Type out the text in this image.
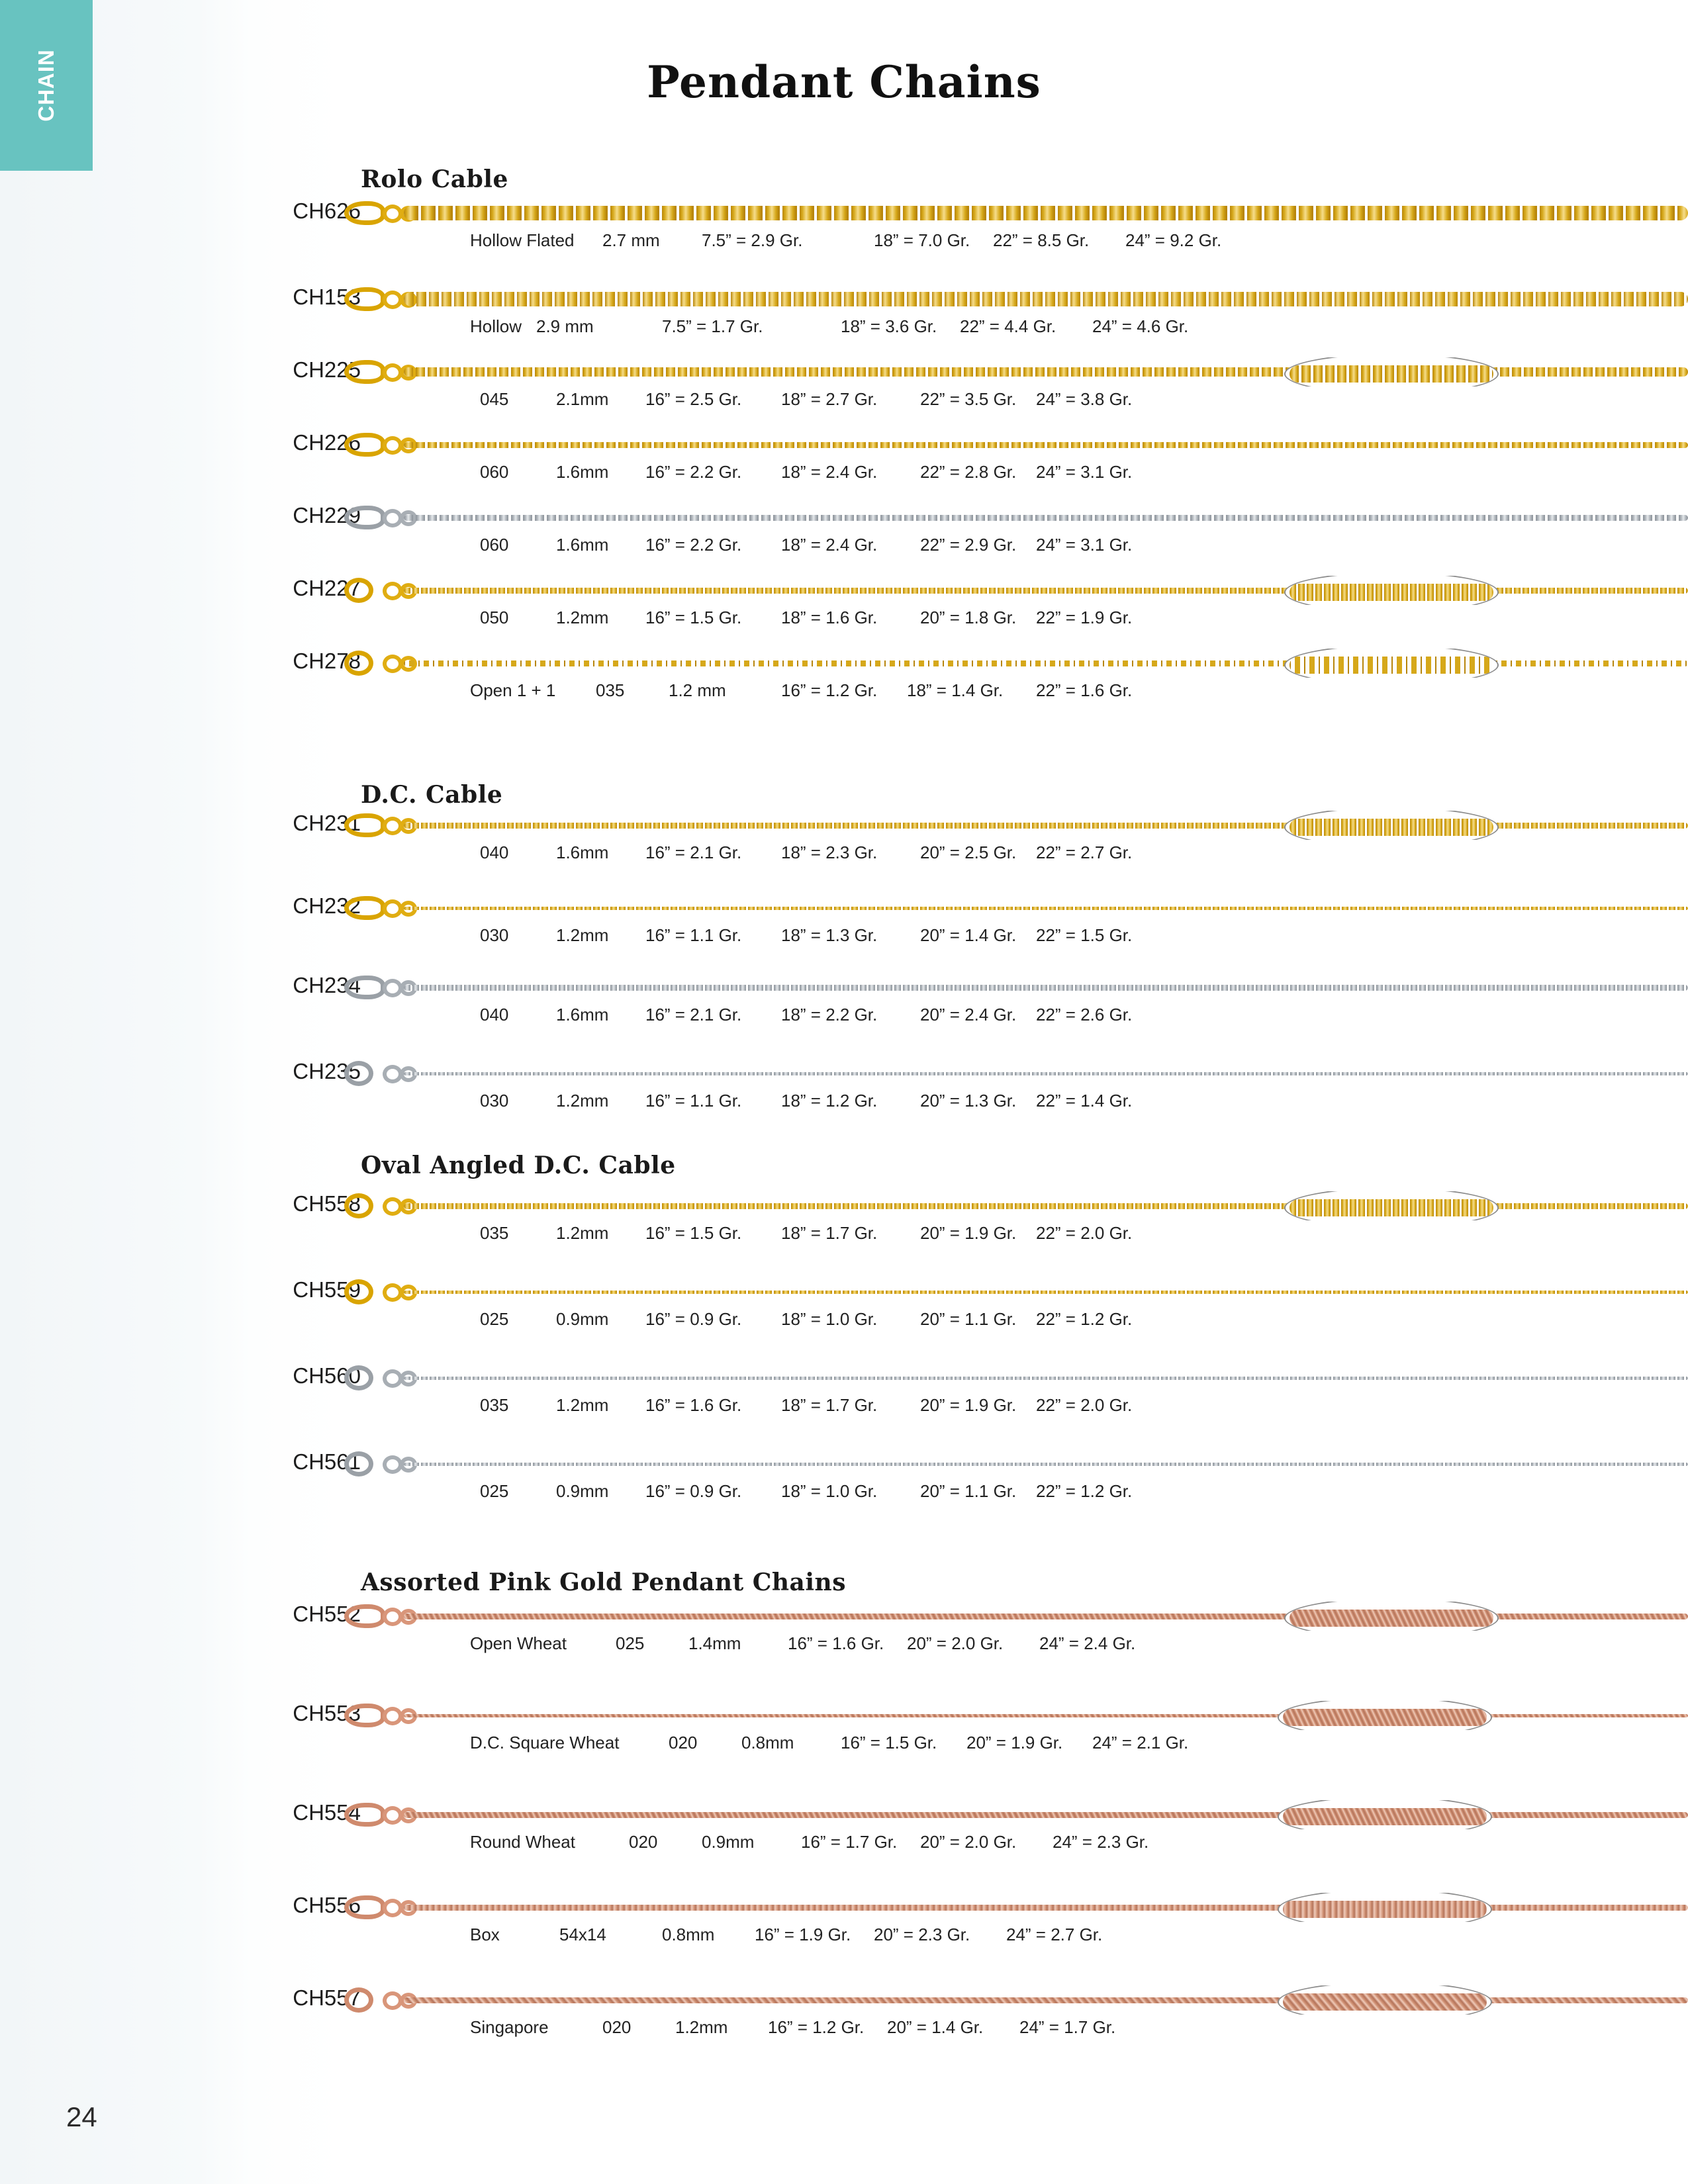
CHAIN	Pendant Chains
Rolo Cable
CH626
Hollow Flated 2.7 mm 7.5” = 2.9 Gr.	18” = 7.0 Gr. 22” = 8.5 Gr. 24” = 9.2 Gr.
CH153
Hollow 2.9 mm	7.5” = 1.7 Gr.	18” = 3.6 Gr. 22” = 4.4 Gr. 24” = 4.6 Gr.
CH225
045	2.1mm 16” = 2.5 Gr. 18” = 2.7 Gr. 22” = 3.5 Gr. 24” = 3.8 Gr.
CH226
060	1.6mm 16” = 2.2 Gr. 18” = 2.4 Gr. 22” = 2.8 Gr. 24” = 3.1 Gr.
CH229
060	1.6mm 16” = 2.2 Gr. 18” = 2.4 Gr. 22” = 2.9 Gr. 24” = 3.1 Gr.
CH227
050	1.2mm 16” = 1.5 Gr. 18” = 1.6 Gr. 20” = 1.8 Gr. 22” = 1.9 Gr.
CH278
Open 1 + 1 035	1.2 mm	16” = 1.2 Gr. 18” = 1.4 Gr. 22” = 1.6 Gr.
D.C. Cable
CH231
040	1.6mm 16” = 2.1 Gr. 18” = 2.3 Gr. 20” = 2.5 Gr. 22” = 2.7 Gr.
CH232
030	1.2mm 16” = 1.1 Gr. 18” = 1.3 Gr. 20” = 1.4 Gr. 22” = 1.5 Gr.
CH234
040	1.6mm 16” = 2.1 Gr. 18” = 2.2 Gr. 20” = 2.4 Gr. 22” = 2.6 Gr.
CH235
030	1.2mm 16” = 1.1 Gr. 18” = 1.2 Gr. 20” = 1.3 Gr. 22” = 1.4 Gr.
Oval Angled D.C. Cable
CH558
035	1.2mm 16” = 1.5 Gr. 18” = 1.7 Gr. 20” = 1.9 Gr. 22” = 2.0 Gr.
CH559
025	0.9mm 16” = 0.9 Gr. 18” = 1.0 Gr. 20” = 1.1 Gr. 22” = 1.2 Gr.
CH560
035	1.2mm 16” = 1.6 Gr. 18” = 1.7 Gr. 20” = 1.9 Gr. 22” = 2.0 Gr.
CH561
025	0.9mm 16” = 0.9 Gr. 18” = 1.0 Gr. 20” = 1.1 Gr. 22” = 1.2 Gr.
Assorted Pink Gold Pendant Chains
CH552
Open Wheat	025	1.4mm	16” = 1.6 Gr. 20” = 2.0 Gr. 24” = 2.4 Gr.
CH553
D.C. Square Wheat	020	0.8mm	16” = 1.5 Gr. 20” = 1.9 Gr. 24” = 2.1 Gr.
CH554
Round Wheat	020	0.9mm	16” = 1.7 Gr. 20” = 2.0 Gr. 24” = 2.3 Gr.
CH556
Box	54x14	0.8mm 16” = 1.9 Gr. 20” = 2.3 Gr. 24” = 2.7 Gr.
CH557
Singapore	020	1.2mm 16” = 1.2 Gr. 20” = 1.4 Gr. 24” = 1.7 Gr.
24
